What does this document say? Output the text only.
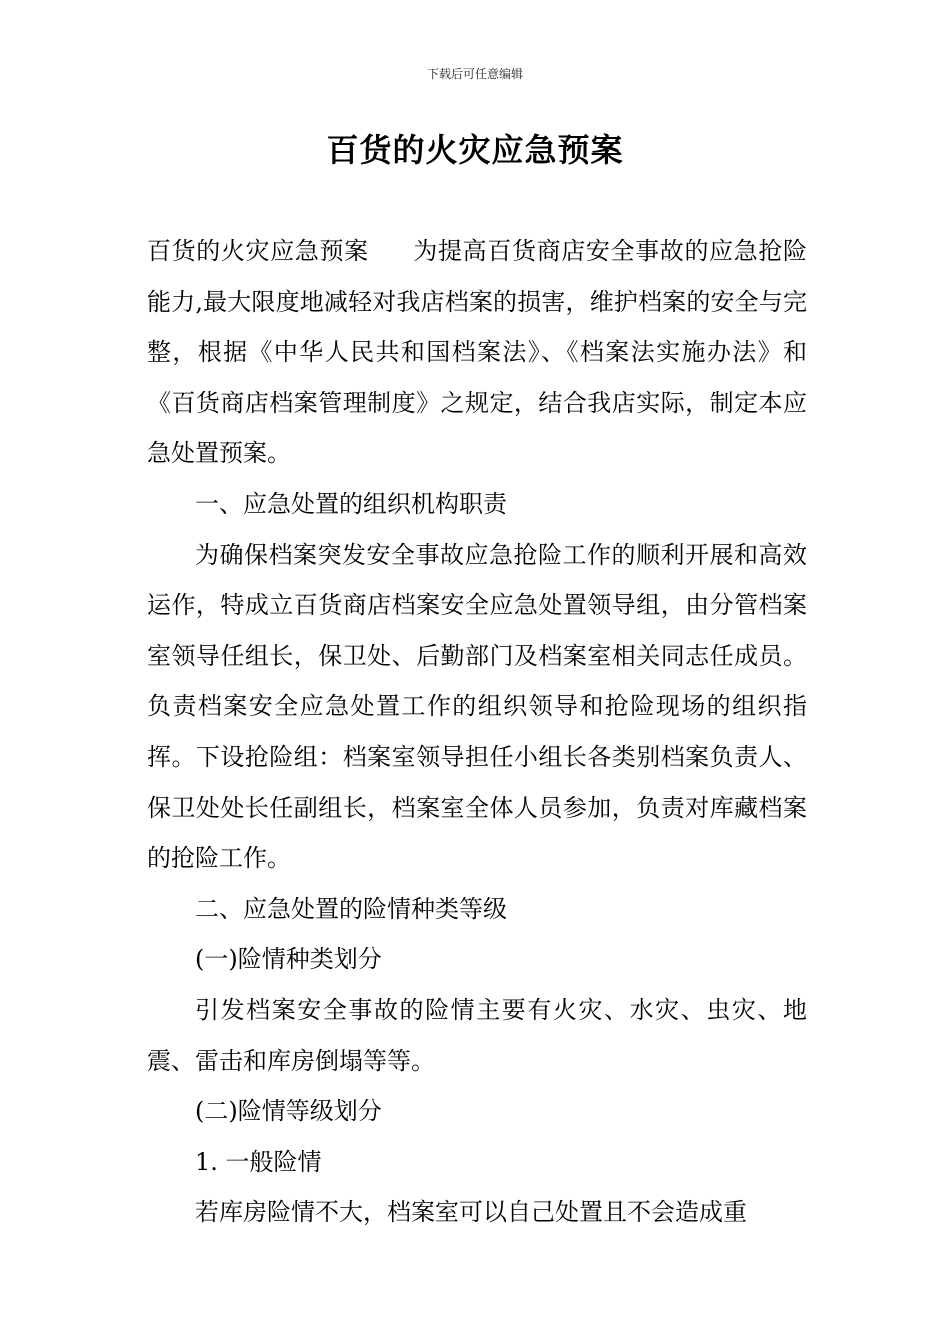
下载后可任意编辑
百货的火灾应急预案

百货的火灾应急预案 为提高百货商店安全事故的应急抢险能力,最大限度地减轻对我店档案的损害，维护档案的安全与完整，根据《中华人民共和国档案法》、《档案法实施办法》和《百货商店档案管理制度》之规定，结合我店实际，制定本应急处置预案。

一、应急处置的组织机构职责

为确保档案突发安全事故应急抢险工作的顺利开展和高效运作，特成立百货商店档案安全应急处置领导组，由分管档案室领导任组长，保卫处、后勤部门及档案室相关同志任成员。负责档案安全应急处置工作的组织领导和抢险现场的组织指挥。下设抢险组：档案室领导担任小组长各类别档案负责人、保卫处处长任副组长，档案室全体人员参加，负责对库藏档案的抢险工作。

二、应急处置的险情种类等级

(一)险情种类划分

引发档案安全事故的险情主要有火灾、水灾、虫灾、地震、雷击和库房倒塌等等。

(二)险情等级划分

1. 一般险情

若库房险情不大，档案室可以自己处置且不会造成重
